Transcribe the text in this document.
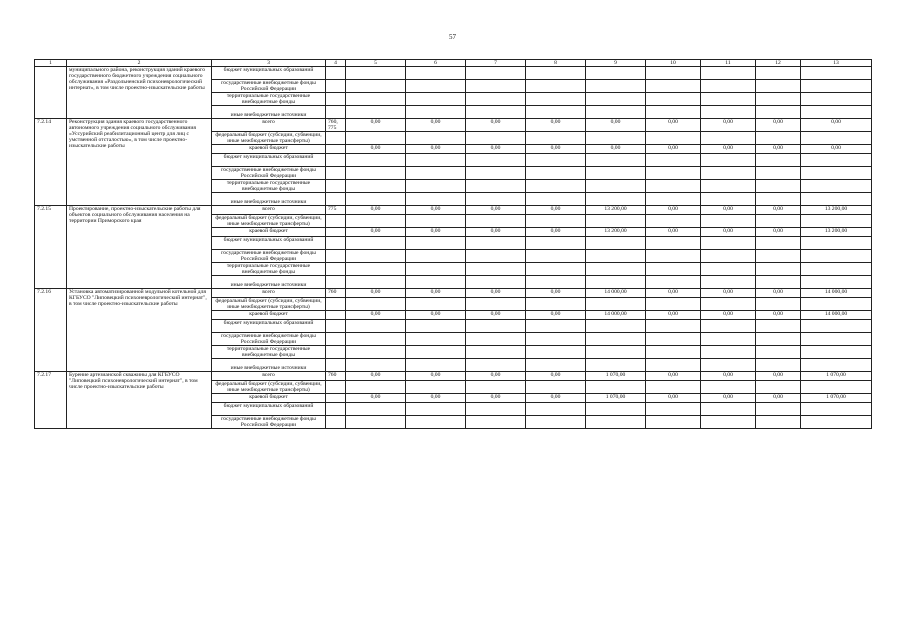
57
1	2	3	4	5	6	7	8	9	10	11	12	13
	муниципального района, реконструкция зданий краевого государственного бюджетного учреждения социального обслуживания «Раздольненский психоневрологический интернат», в том числе проектно-изыскательские работы	бюджет муниципальных образований										
		государственные внебюджетные фонды Российской Федерации										
		территориальные государственные внебюджетные фонды										
		иные внебюджетные источники										
7.2.14	Реконструкция здания краевого государственного автономного учреждения социального обслуживания «Уссурийский реабилитационный центр для лиц с умственной отсталостью», в том числе проектно-изыскательские работы	всего	760, 775	0,00	0,00	0,00	0,00	0,00	0,00	0,00	0,00	0,00
		федеральный бюджет (субсидии, субвенции, иные межбюджетные трансферты)										
		краевой бюджет		0,00	0,00	0,00	0,00	0,00	0,00	0,00	0,00	0,00
		бюджет муниципальных образований										
		государственные внебюджетные фонды Российской Федерации										
		территориальные государственные внебюджетные фонды										
		иные внебюджетные источники										
7.2.15	Проектирование, проектно-изыскательские работы для объектов социального обслуживания населения на территории Приморского края	всего	775	0,00	0,00	0,00	0,00	13 200,00	0,00	0,00	0,00	13 200,00
		федеральный бюджет (субсидии, субвенции, иные межбюджетные трансферты)										
		краевой бюджет		0,00	0,00	0,00	0,00	13 200,00	0,00	0,00	0,00	13 200,00
		бюджет муниципальных образований										
		государственные внебюджетные фонды Российской Федерации										
		территориальные государственные внебюджетные фонды										
		иные внебюджетные источники										
7.2.16	Установка автоматизированной модульной котельной для КГБУСО "Липовецкий психоневрологический интернат", в том числе проектно-изыскательские работы	всего	760	0,00	0,00	0,00	0,00	14 000,00	0,00	0,00	0,00	14 000,00
		федеральный бюджет (субсидии, субвенции, иные межбюджетные трансферты)										
		краевой бюджет		0,00	0,00	0,00	0,00	14 000,00	0,00	0,00	0,00	14 000,00
		бюджет муниципальных образований										
		государственные внебюджетные фонды Российской Федерации										
		территориальные государственные внебюджетные фонды										
		иные внебюджетные источники										
7.2.17	Бурение артезианской скважины для КГБУСО "Липовецкий психоневрологический интернат", в том числе проектно-изыскательские работы	всего	760	0,00	0,00	0,00	0,00	1 070,00	0,00	0,00	0,00	1 070,00
		федеральный бюджет (субсидии, субвенции, иные межбюджетные трансферты)										
		краевой бюджет		0,00	0,00	0,00	0,00	1 070,00	0,00	0,00	0,00	1 070,00
		бюджет муниципальных образований										
		государственные внебюджетные фонды Российской Федерации										
